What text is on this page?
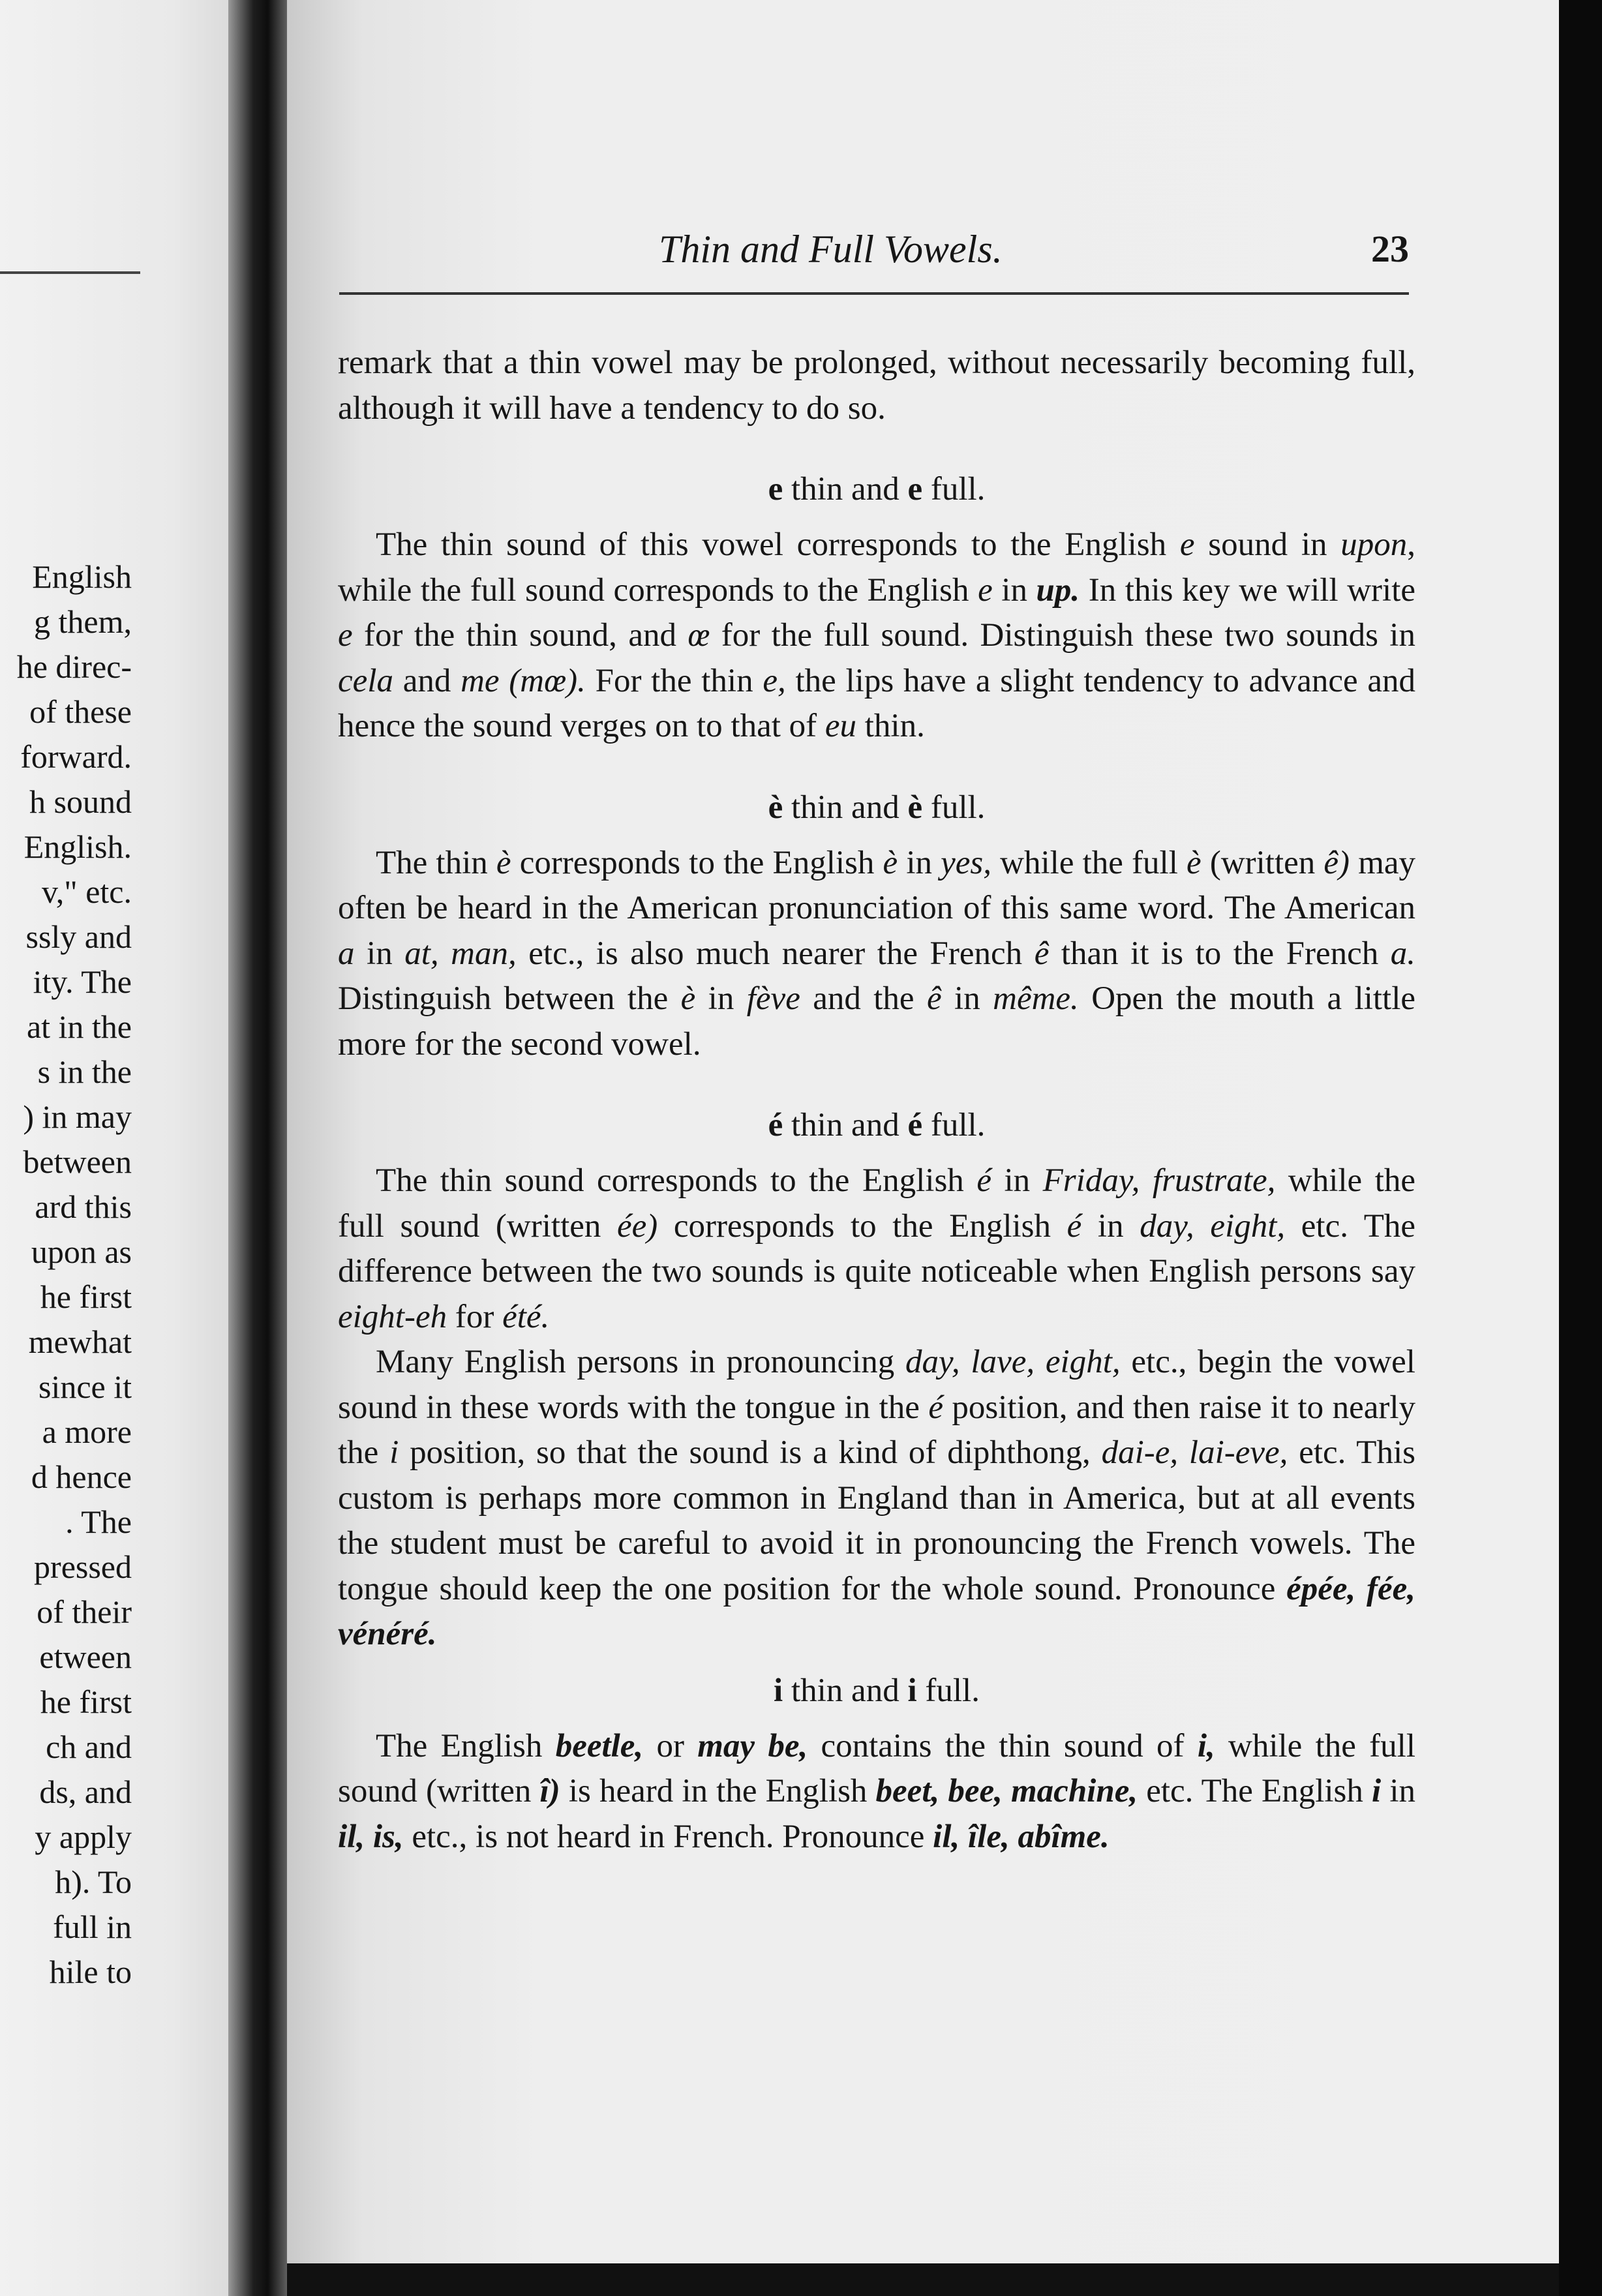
English
g them,
he direc-
of these
forward.
h sound
English.
v," etc.
ssly and
ity. The
at in the
s in the
) in may
between
ard this
upon as
he first
mewhat
since it
a more
d hence
. The
pressed
of their
etween
he first
ch and
ds, and
y apply
h). To
full in
hile to
Thin and Full Vowels.	23

remark that a thin vowel may be prolonged, without necessarily becoming full, although it will have a tendency to do so.

e thin and e full.

The thin sound of this vowel corresponds to the English e sound in upon, while the full sound corresponds to the English e in up. In this key we will write e for the thin sound, and œ for the full sound. Distinguish these two sounds in cela and me (mœ). For the thin e, the lips have a slight tendency to advance and hence the sound verges on to that of eu thin.

è thin and è full.

The thin è corresponds to the English è in yes, while the full è (written ê) may often be heard in the American pronunciation of this same word. The American a in at, man, etc., is also much nearer the French ê than it is to the French a. Distinguish between the è in fève and the ê in même. Open the mouth a little more for the second vowel.

é thin and é full.

The thin sound corresponds to the English é in Friday, frustrate, while the full sound (written ée) corresponds to the English é in day, eight, etc. The difference between the two sounds is quite noticeable when English persons say eight-eh for été.

Many English persons in pronouncing day, lave, eight, etc., begin the vowel sound in these words with the tongue in the é position, and then raise it to nearly the i position, so that the sound is a kind of diphthong, dai-e, lai-eve, etc. This custom is perhaps more common in England than in America, but at all events the student must be careful to avoid it in pronouncing the French vowels. The tongue should keep the one position for the whole sound. Pronounce épée, fée, vénéré.

i thin and i full.

The English beetle, or may be, contains the thin sound of i, while the full sound (written î) is heard in the English beet, bee, machine, etc. The English i in il, is, etc., is not heard in French. Pronounce il, île, abîme.
